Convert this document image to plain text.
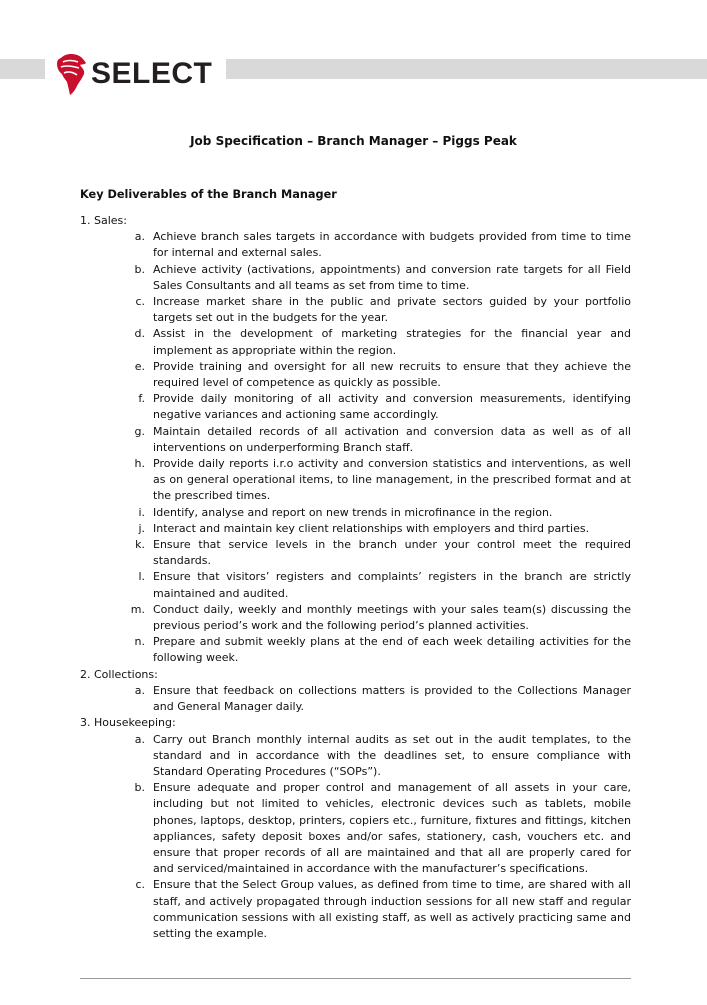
SELECT
Job Specification – Branch Manager – Piggs Peak
Key Deliverables of the Branch Manager
1. Sales:
a. Achieve branch sales targets in accordance with budgets provided from time to time for internal and external sales.
b. Achieve activity (activations, appointments) and conversion rate targets for all Field Sales Consultants and all teams as set from time to time.
c. Increase market share in the public and private sectors guided by your portfolio targets set out in the budgets for the year.
d. Assist in the development of marketing strategies for the financial year and implement as appropriate within the region.
e. Provide training and oversight for all new recruits to ensure that they achieve the required level of competence as quickly as possible.
f. Provide daily monitoring of all activity and conversion measurements, identifying negative variances and actioning same accordingly.
g. Maintain detailed records of all activation and conversion data as well as of all interventions on underperforming Branch staff.
h. Provide daily reports i.r.o activity and conversion statistics and interventions, as well as on general operational items, to line management, in the prescribed format and at the prescribed times.
i. Identify, analyse and report on new trends in microfinance in the region.
j. Interact and maintain key client relationships with employers and third parties.
k. Ensure that service levels in the branch under your control meet the required standards.
l. Ensure that visitors’ registers and complaints’ registers in the branch are strictly maintained and audited.
m. Conduct daily, weekly and monthly meetings with your sales team(s) discussing the previous period’s work and the following period’s planned activities.
n. Prepare and submit weekly plans at the end of each week detailing activities for the following week.
2. Collections:
a. Ensure that feedback on collections matters is provided to the Collections Manager and General Manager daily.
3. Housekeeping:
a. Carry out Branch monthly internal audits as set out in the audit templates, to the standard and in accordance with the deadlines set, to ensure compliance with Standard Operating Procedures (“SOPs”).
b. Ensure adequate and proper control and management of all assets in your care, including but not limited to vehicles, electronic devices such as tablets, mobile phones, laptops, desktop, printers, copiers etc., furniture, fixtures and fittings, kitchen appliances, safety deposit boxes and/or safes, stationery, cash, vouchers etc. and ensure that proper records of all are maintained and that all are properly cared for and serviced/maintained in accordance with the manufacturer’s specifications.
c. Ensure that the Select Group values, as defined from time to time, are shared with all staff, and actively propagated through induction sessions for all new staff and regular communication sessions with all existing staff, as well as actively practicing same and setting the example.
